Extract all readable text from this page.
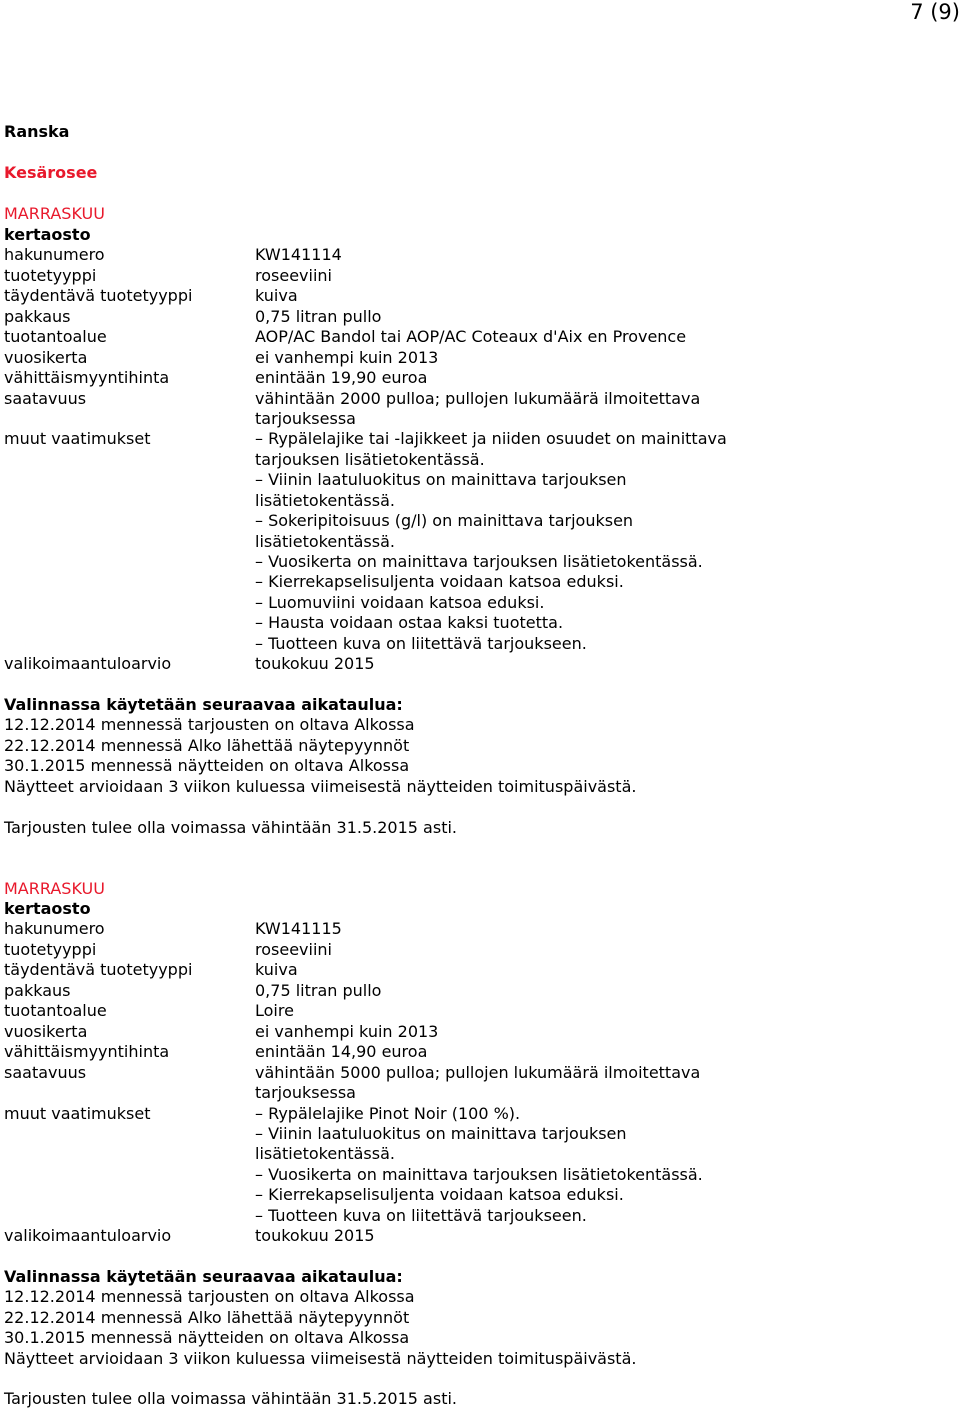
7 (9)
Ranska
Kesärosee
MARRASKUU
kertaosto
hakunumero	KW141114
tuotetyyppi	roseeviini
täydentävä tuotetyyppi	kuiva
pakkaus	0,75 litran pullo
tuotantoalue	AOP/AC Bandol tai AOP/AC Coteaux d'Aix en Provence
vuosikerta	ei vanhempi kuin 2013
vähittäismyyntihinta	enintään 19,90 euroa
saatavuus	vähintään 2000 pulloa; pullojen lukumäärä ilmoitettava
tarjouksessa
muut vaatimukset	– Rypälelajike tai -lajikkeet ja niiden osuudet on mainittava
tarjouksen lisätietokentässä.
– Viinin laatuluokitus on mainittava tarjouksen
lisätietokentässä.
– Sokeripitoisuus (g/l) on mainittava tarjouksen
lisätietokentässä.
– Vuosikerta on mainittava tarjouksen lisätietokentässä.
– Kierrekapselisuljenta voidaan katsoa eduksi.
– Luomuviini voidaan katsoa eduksi.
– Hausta voidaan ostaa kaksi tuotetta.
– Tuotteen kuva on liitettävä tarjoukseen.
valikoimaantuloarvio	toukokuu 2015
Valinnassa käytetään seuraavaa aikataulua:
12.12.2014 mennessä tarjousten on oltava Alkossa
22.12.2014 mennessä Alko lähettää näytepyynnöt
30.1.2015 mennessä näytteiden on oltava Alkossa
Näytteet arvioidaan 3 viikon kuluessa viimeisestä näytteiden toimituspäivästä.
Tarjousten tulee olla voimassa vähintään 31.5.2015 asti.
MARRASKUU
kertaosto
hakunumero	KW141115
tuotetyyppi	roseeviini
täydentävä tuotetyyppi	kuiva
pakkaus	0,75 litran pullo
tuotantoalue	Loire
vuosikerta	ei vanhempi kuin 2013
vähittäismyyntihinta	enintään 14,90 euroa
saatavuus	vähintään 5000 pulloa; pullojen lukumäärä ilmoitettava
tarjouksessa
muut vaatimukset	– Rypälelajike Pinot Noir (100 %).
– Viinin laatuluokitus on mainittava tarjouksen
lisätietokentässä.
– Vuosikerta on mainittava tarjouksen lisätietokentässä.
– Kierrekapselisuljenta voidaan katsoa eduksi.
– Tuotteen kuva on liitettävä tarjoukseen.
valikoimaantuloarvio	toukokuu 2015
Valinnassa käytetään seuraavaa aikataulua:
12.12.2014 mennessä tarjousten on oltava Alkossa
22.12.2014 mennessä Alko lähettää näytepyynnöt
30.1.2015 mennessä näytteiden on oltava Alkossa
Näytteet arvioidaan 3 viikon kuluessa viimeisestä näytteiden toimituspäivästä.
Tarjousten tulee olla voimassa vähintään 31.5.2015 asti.
